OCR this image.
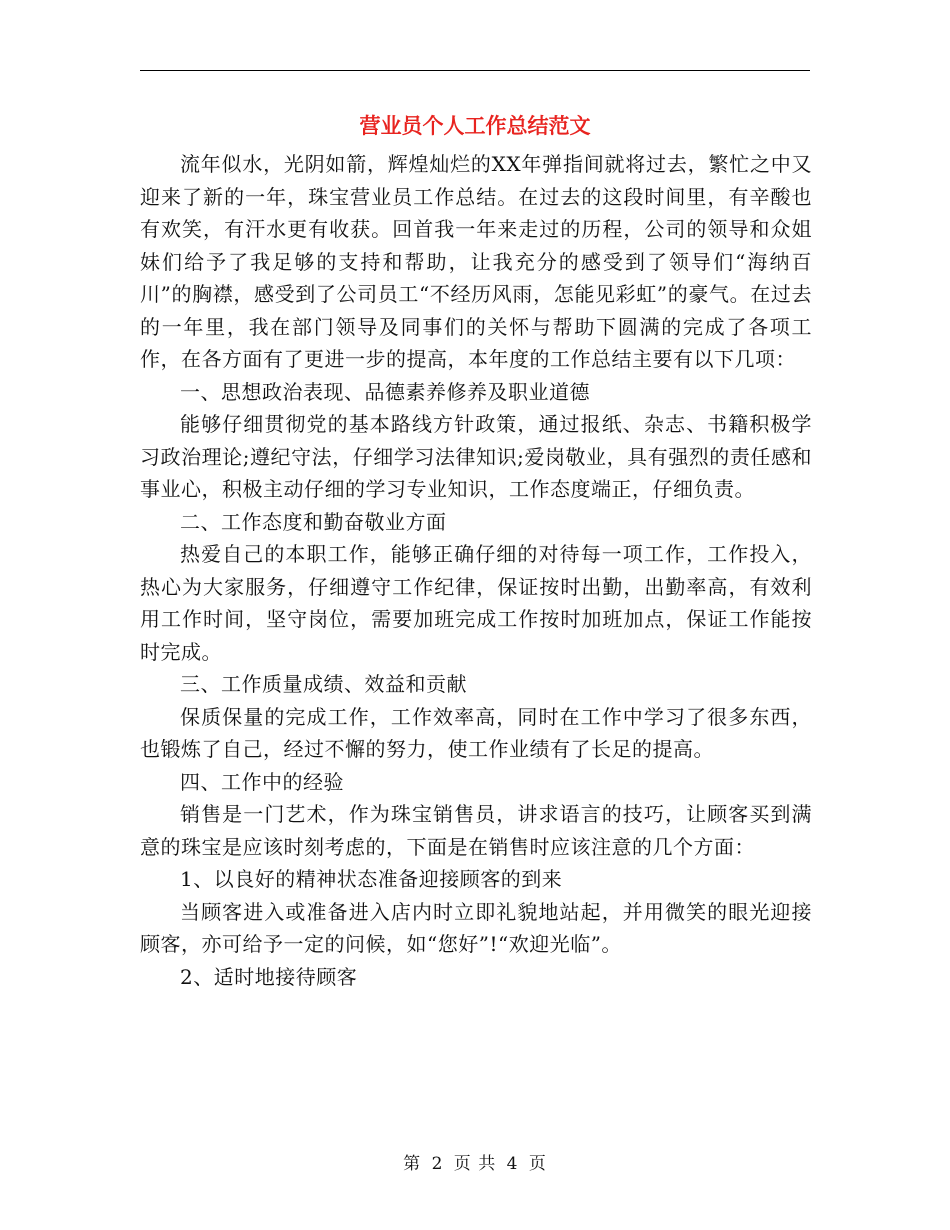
营业员个人工作总结范文

流年似水，光阴如箭，辉煌灿烂的XX年弹指间就将过去，繁忙之中又迎来了新的一年，珠宝营业员工作总结。在过去的这段时间里，有辛酸也有欢笑，有汗水更有收获。回首我一年来走过的历程，公司的领导和众姐妹们给予了我足够的支持和帮助，让我充分的感受到了领导们“海纳百川”的胸襟，感受到了公司员工“不经历风雨，怎能见彩虹”的豪气。在过去的一年里，我在部门领导及同事们的关怀与帮助下圆满的完成了各项工作，在各方面有了更进一步的提高，本年度的工作总结主要有以下几项：

一、思想政治表现、品德素养修养及职业道德

能够仔细贯彻党的基本路线方针政策，通过报纸、杂志、书籍积极学习政治理论;遵纪守法，仔细学习法律知识;爱岗敬业，具有强烈的责任感和事业心，积极主动仔细的学习专业知识，工作态度端正，仔细负责。

二、工作态度和勤奋敬业方面

热爱自己的本职工作，能够正确仔细的对待每一项工作，工作投入，热心为大家服务，仔细遵守工作纪律，保证按时出勤，出勤率高，有效利用工作时间，坚守岗位，需要加班完成工作按时加班加点，保证工作能按时完成。

三、工作质量成绩、效益和贡献

保质保量的完成工作，工作效率高，同时在工作中学习了很多东西，也锻炼了自己，经过不懈的努力，使工作业绩有了长足的提高。

四、工作中的经验

销售是一门艺术，作为珠宝销售员，讲求语言的技巧，让顾客买到满意的珠宝是应该时刻考虑的，下面是在销售时应该注意的几个方面：

1、以良好的精神状态准备迎接顾客的到来

当顾客进入或准备进入店内时立即礼貌地站起，并用微笑的眼光迎接顾客，亦可给予一定的问候，如“您好”!“欢迎光临”。

2、适时地接待顾客

第 2 页 共 4 页
